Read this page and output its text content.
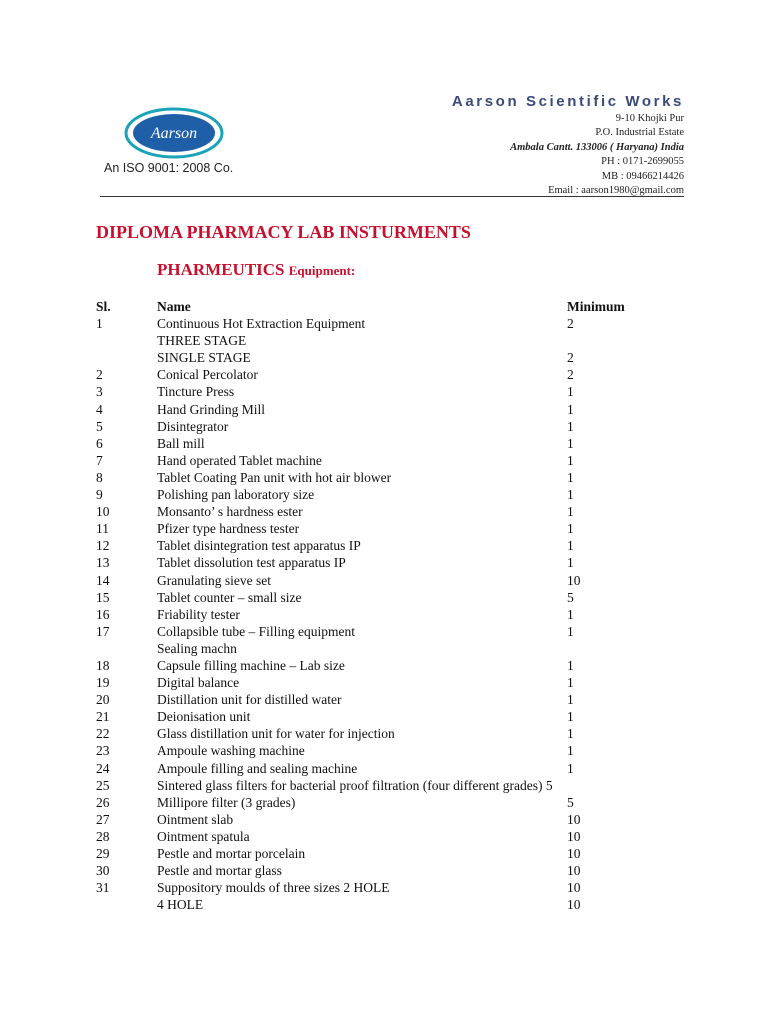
Aarson
An ISO 9001: 2008 Co.
Aarson Scientific Works
9-10 Khojki Pur
P.O. Industrial Estate
Ambala Cantt. 133006 ( Haryana) India
PH : 0171-2699055
MB : 09466214426
Email : aarson1980@gmail.com
DIPLOMA PHARMACY LAB INSTURMENTS
PHARMEUTICS Equipment:
Sl.	Name	Minimum
1	Continuous Hot Extraction Equipment	2
THREE STAGE
SINGLE STAGE	2
2	Conical Percolator	2
3	Tincture Press	1
4	Hand Grinding Mill	1
5	Disintegrator	1
6	Ball mill	1
7	Hand operated Tablet machine	1
8	Tablet Coating Pan unit with hot air blower	1
9	Polishing pan laboratory size	1
10	Monsanto’ s hardness ester	1
11	Pfizer type hardness tester	1
12	Tablet disintegration test apparatus IP	1
13	Tablet dissolution test apparatus IP	1
14	Granulating sieve set	10
15	Tablet counter – small size	5
16	Friability tester	1
17	Collapsible tube – Filling equipment	1
Sealing machn
18	Capsule filling machine – Lab size	1
19	Digital balance	1
20	Distillation unit for distilled water	1
21	Deionisation unit	1
22	Glass distillation unit for water for injection	1
23	Ampoule washing machine	1
24	Ampoule filling and sealing machine	1
25	Sintered glass filters for bacterial proof filtration (four different grades) 5
26	Millipore filter (3 grades)	5
27	Ointment slab	10
28	Ointment spatula	10
29	Pestle and mortar porcelain	10
30	Pestle and mortar glass	10
31	Suppository moulds of three sizes 2 HOLE	10
4 HOLE	10
